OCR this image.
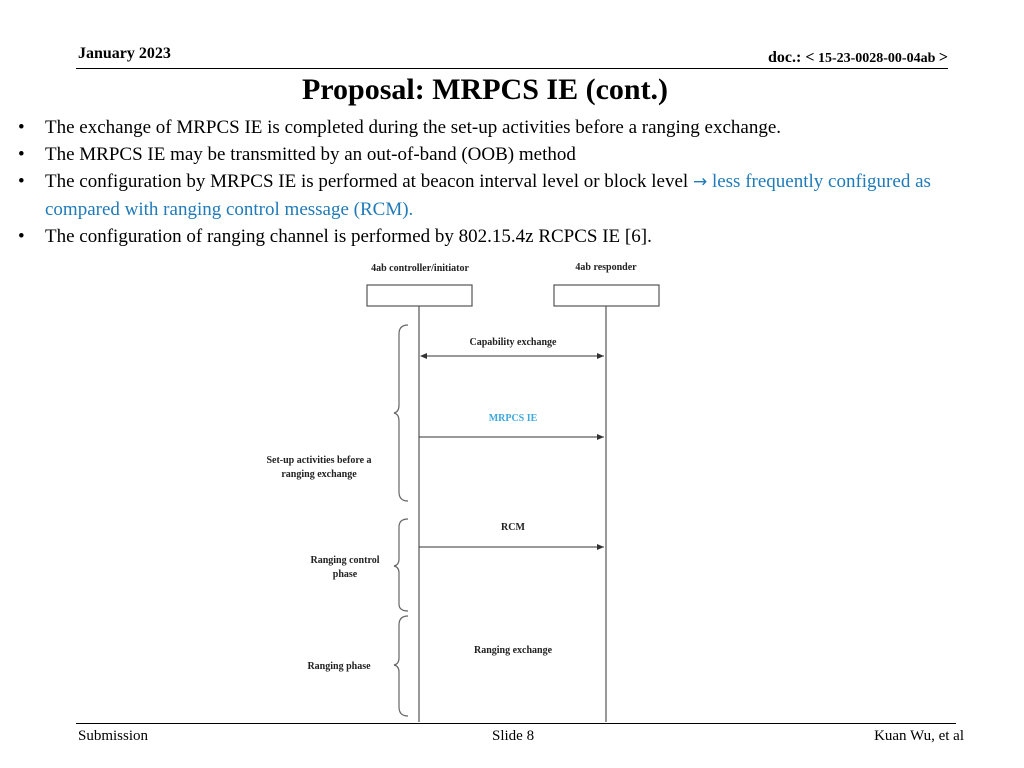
January 2023	doc.: < 15-23-0028-00-04ab >
Proposal: MRPCS IE (cont.)
• The exchange of MRPCS IE is completed during the set-up activities before a ranging exchange.
• The MRPCS IE may be transmitted by an out-of-band (OOB) method
• The configuration by MRPCS IE is performed at beacon interval level or block level → less frequently configured as compared with ranging control message (RCM).
• The configuration of ranging channel is performed by 802.15.4z RCPCS IE [6].
4ab controller/initiator	4ab responder
Capability exchange
MRPCS IE
RCM
Ranging exchange
Set-up activities before a
ranging exchange
Ranging control
phase
Ranging phase
Submission	Slide 8	Kuan Wu, et al
